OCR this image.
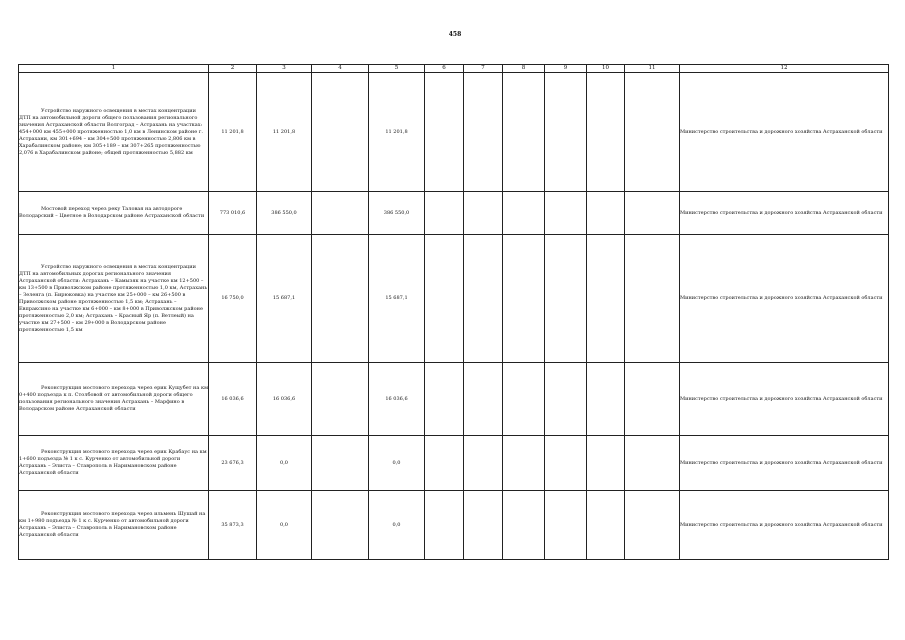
458
1	2	3	4	5	6	7	8	9	10	11	12
Устройство наружного освещения в местах концентрации ДТП на автомобильной дороги общего пользования регионального значения Астраханской области Волгоград – Астрахань на участках: 454+000 км 455+000 протяженностью 1,0 км в Ленинском районе г. Астрахани, км 301+694 – км 304+500 протяженностью 2,806 км в Харабалинском районе; км 305+189 – км 307+265 протяженностью 2,076 в Харабалинском районе; общей протяженностью 5,882 км	11 201,8	11 201,8		11 201,8							Министерство строительства и дорожного хозяйства Астраханской области
Мостовой переход через реку Таловая на автодороге Володарский – Цветное в Володарском районе Астраханской области	773 010,6	386 550,0		386 550,0							Министерство строительства и дорожного хозяйства Астраханской области
Устройство наружного освещения в местах концентрации ДТП на автомобильных дорогах регионального значения Астраханской области: Астрахань – Камызяк на участке км 12+500 – км 13+500 в Приволжском районе протяженностью 1,0 км, Астрахань – Зеленга (п. Бирюковка) на участке км 25+000 – км 26+500 в Приволжском районе протяженностью 1,5 км; Астрахань – Евпраксино на участке км 6+000 – км 8+000 в Приволжском районе протяженностью 2,0 км; Астрахань – Красный Яр (п. Ветлеый) на участке км 27+500 – км 29+000 в Володарском районе протяженностью 1,5 км	16 750,0	15 687,1		15 687,1							Министерство строительства и дорожного хозяйства Астраханской области
Реконструкция мостового перехода через ерик Кущубет на км 0+400 подъезда к п. Столбовой от автомобильной дороги общего пользования регионального значения Астрахань – Марфино в Володарском районе Астраханской области	16 036,6	16 036,6		16 036,6							Министерство строительства и дорожного хозяйства Астраханской области
Реконструкция мостового перехода через ерик Крабаус на км 1+600 подъезда № 1 к с. Курченко от автомобильной дороги Астрахань – Элиста – Ставрополь в Наримановском районе Астраханской области	23 676,3	0,0		0,0							Министерство строительства и дорожного хозяйства Астраханской области
Реконструкция мостового перехода через ильмень Шушай на км 1+980 подъезда № 1 к с. Курченко от автомобильной дороги Астрахань – Элиста – Ставрополь в Наримановском районе Астраханской области	35 873,3	0,0		0,0							Министерство строительства и дорожного хозяйства Астраханской области
